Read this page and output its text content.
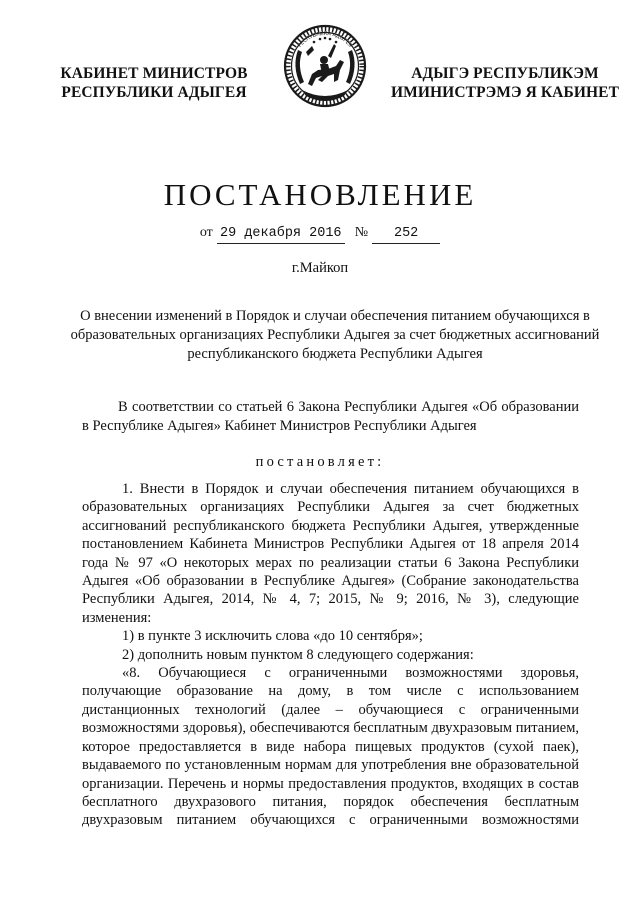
КАБИНЕТ МИНИСТРОВ
РЕСПУБЛИКИ АДЫГЕЯ
РЕСПУБЛИКА АДЫГЕЯ
АДЫГЭ РЕСПУБЛИКЭМ
ИМИНИСТРЭМЭ Я КАБИНЕТ
ПОСТАНОВЛЕНИЕ
от 29 декабря 2016 №	252
г.Майкоп
О внесении изменений в Порядок и случаи обеспечения питанием обучающихся в образовательных организациях Республики Адыгея за счет бюджетных ассигнований республиканского бюджета Республики Адыгея

В соответствии со статьей 6 Закона Республики Адыгея «Об образовании в Республике Адыгея» Кабинет Министров Республики Адыгея

постановляет:

1. Внести в Порядок и случаи обеспечения питанием обучающихся в образовательных организациях Республики Адыгея за счет бюджетных ассигнований республиканского бюджета Республики Адыгея, утвержденные постановлением Кабинета Министров Республики Адыгея от 18 апреля 2014 года № 97 «О некоторых мерах по реализации статьи 6 Закона Республики Адыгея «Об образовании в Республике Адыгея» (Собрание законодательства Республики Адыгея, 2014, № 4, 7; 2015, № 9; 2016, № 3), следующие изменения:

1) в пункте 3 исключить слова «до 10 сентября»;

2) дополнить новым пунктом 8 следующего содержания:

«8. Обучающиеся с ограниченными возможностями здоровья, получающие образование на дому, в том числе с использованием дистанционных технологий (далее – обучающиеся с ограниченными возможностями здоровья), обеспечиваются бесплатным двухразовым питанием, которое предоставляется в виде набора пищевых продуктов (сухой паек), выдаваемого по установленным нормам для употребления вне образовательной организации. Перечень и нормы предоставления продуктов, входящих в состав бесплатного двухразового питания, порядок обеспечения бесплатным двухразовым питанием обучающихся с ограниченными возможностями
